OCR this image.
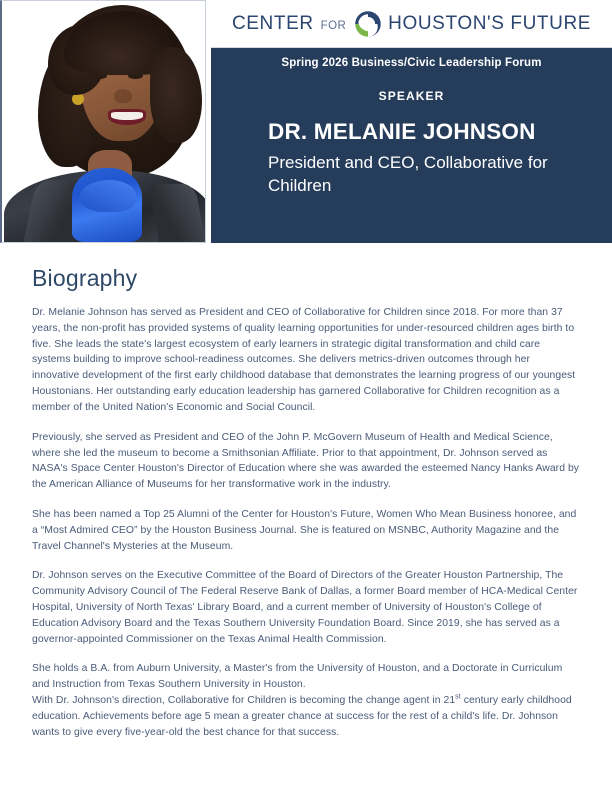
CENTER FOR HOUSTON'S FUTURE
Spring 2026 Business/Civic Leadership Forum
SPEAKER
DR. MELANIE JOHNSON
President and CEO, Collaborative for Children
Biography

Dr. Melanie Johnson has served as President and CEO of Collaborative for Children since 2018. For more than 37 years, the non-profit has provided systems of quality learning opportunities for under-resourced children ages birth to five. She leads the state's largest ecosystem of early learners in strategic digital transformation and child care systems building to improve school-readiness outcomes. She delivers metrics-driven outcomes through her innovative development of the first early childhood database that demonstrates the learning progress of our youngest Houstonians. Her outstanding early education leadership has garnered Collaborative for Children recognition as a member of the United Nation's Economic and Social Council.

Previously, she served as President and CEO of the John P. McGovern Museum of Health and Medical Science, where she led the museum to become a Smithsonian Affiliate. Prior to that appointment, Dr. Johnson served as NASA's Space Center Houston's Director of Education where she was awarded the esteemed Nancy Hanks Award by the American Alliance of Museums for her transformative work in the industry.

She has been named a Top 25 Alumni of the Center for Houston's Future, Women Who Mean Business honoree, and a “Most Admired CEO” by the Houston Business Journal. She is featured on MSNBC, Authority Magazine and the Travel Channel's Mysteries at the Museum.

Dr. Johnson serves on the Executive Committee of the Board of Directors of the Greater Houston Partnership, The Community Advisory Council of The Federal Reserve Bank of Dallas, a former Board member of HCA-Medical Center Hospital, University of North Texas' Library Board, and a current member of University of Houston's College of Education Advisory Board and the Texas Southern University Foundation Board. Since 2019, she has served as a governor-appointed Commissioner on the Texas Animal Health Commission.

She holds a B.A. from Auburn University, a Master's from the University of Houston, and a Doctorate in Curriculum and Instruction from Texas Southern University in Houston.
With Dr. Johnson's direction, Collaborative for Children is becoming the change agent in 21st century early childhood education. Achievements before age 5 mean a greater chance at success for the rest of a child's life. Dr. Johnson wants to give every five-year-old the best chance for that success.
